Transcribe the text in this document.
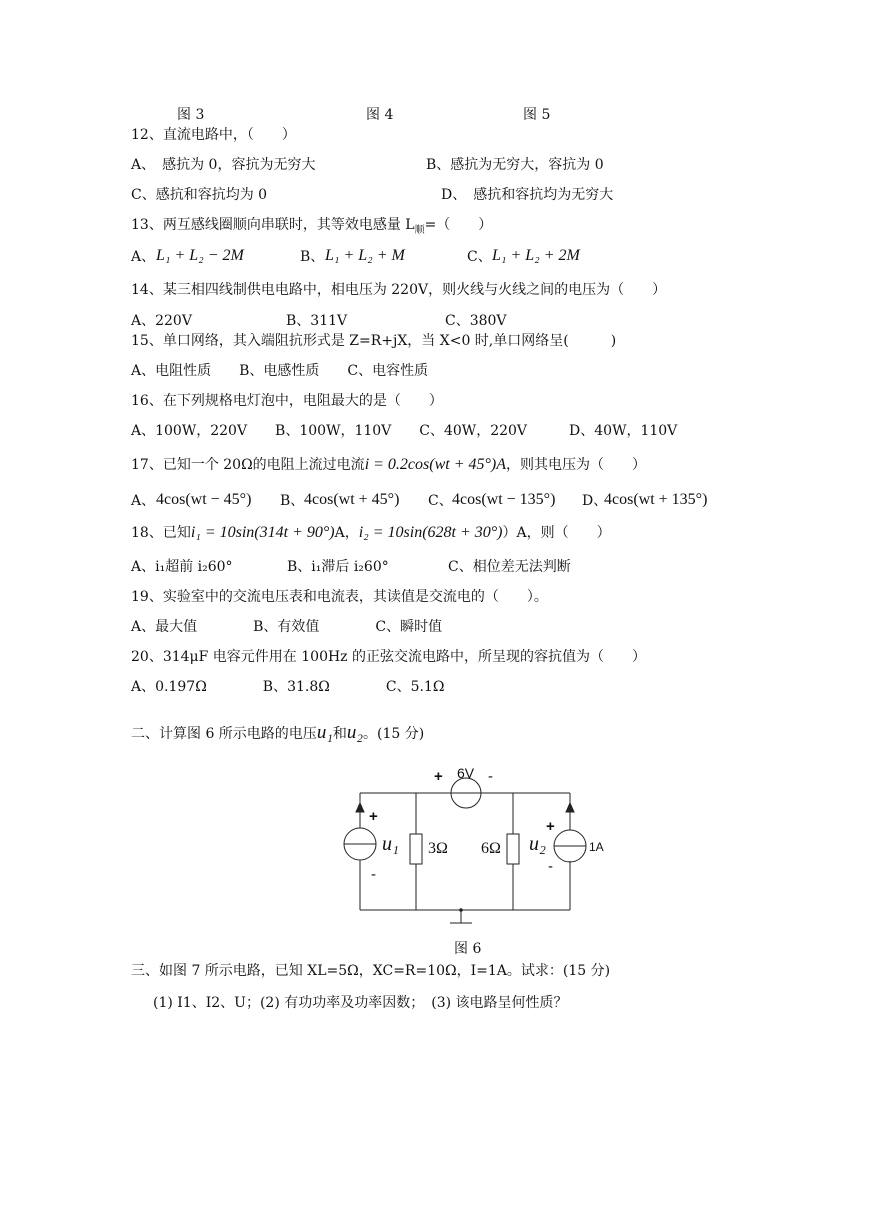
图 3	图 4	图 5
12、直流电路中，（　　）
A、　感抗为 0，容抗为无穷大	B、感抗为无穷大，容抗为 0
C、感抗和容抗均为 0	D、　感抗和容抗均为无穷大
13、两互感线圈顺向串联时，其等效电感量 $L_顺=$（　　）
A、 L₁ + L₂ − 2M	B、 L₁ + L₂ + M	C、 L₁ + L₂ + 2M
14、某三相四线制供电电路中，相电压为 220V，则火线与火线之间的电压为（　　）
A、220V	B、311V	C、380V
15、单口网络，其入端阻抗形式是 Z=R+jX，当 X<0 时,单口网络呈(　　　)
A、电阻性质　　B、电感性质　　C、电容性质
16、在下列规格电灯泡中，电阻最大的是（　　）
A、100W，220V　　B、100W，110V　　C、40W，220V　　　D、40W，110V
17、已知一个 20Ω的电阻上流过电流i = 0.2cos(wt + 45°)A，则其电压为（　　）
A、 4cos(wt − 45°) B、 4cos(wt + 45°) C、 4cos(wt − 135°) D、
4cos(wt + 135°)
18、已知i₁ = 10sin(314t + 90°)A，i₂ = 10sin(628t + 30°)）A，则（　　）
A、i₁超前 i₂60°	B、i₁滞后 i₂60°	C、相位差无法判断
19、实验室中的交流电压表和电流表，其读值是交流电的（　　）。
A、最大值　　　　B、有效值　　　　C、瞬时值
20、314μF 电容元件用在 100Hz 的正弦交流电路中，所呈现的容抗值为（　　）
A、0.197Ω　　　　B、31.8Ω　　　　C、5.1Ω
二、计算图 6 所示电路的电压u₁和u₂。(15 分)
+ 6V -
+
-
u₁ 3Ω 6Ω u₂
+
-
1A
图 6
三、如图 7 所示电路，已知 XL=5Ω，XC=R=10Ω，I=1A。试求：(15 分)
(1) I1、I2、U；(2) 有功功率及功率因数；　(3) 该电路呈何性质？
